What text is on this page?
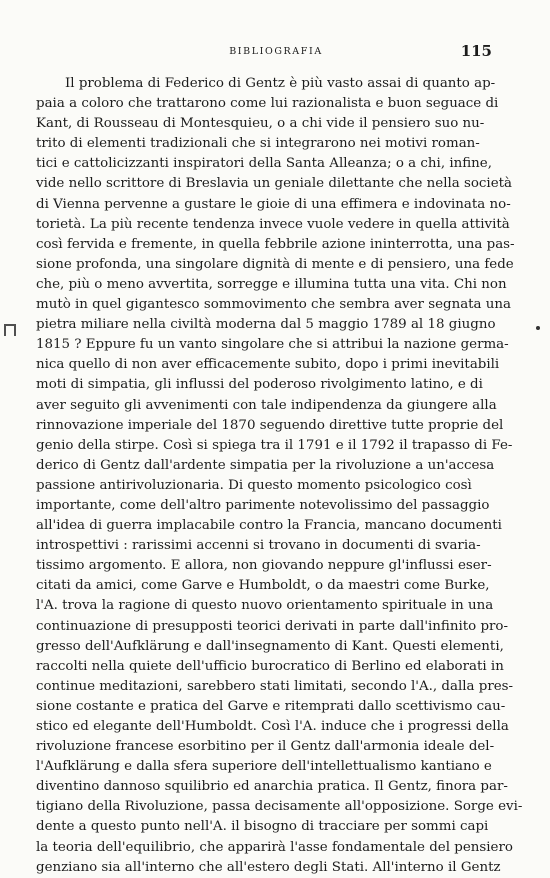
BIBLIOGRAFIA	115
Il problema di Federico di Gentz è più vasto assai di quanto ap-
paia a coloro che trattarono come lui razionalista e buon seguace di
Kant, di Rousseau di Montesquieu, o a chi vide il pensiero suo nu-
trito di elementi tradizionali che si integrarono nei motivi roman-
tici e cattolicizzanti inspiratori della Santa Alleanza; o a chi, infine,
vide nello scrittore di Breslavia un geniale dilettante che nella società
di Vienna pervenne a gustare le gioie di una effimera e indovinata no-
torietà. La più recente tendenza invece vuole vedere in quella attività
così fervida e fremente, in quella febbrile azione ininterrotta, una pas-
sione profonda, una singolare dignità di mente e di pensiero, una fede
che, più o meno avvertita, sorregge e illumina tutta una vita. Chi non
mutò in quel gigantesco sommovimento che sembra aver segnata una
pietra miliare nella civiltà moderna dal 5 maggio 1789 al 18 giugno
1815 ? Eppure fu un vanto singolare che si attribui la nazione germa-
nica quello di non aver efficacemente subito, dopo i primi inevitabili
moti di simpatia, gli influssi del poderoso rivolgimento latino, e di
aver seguito gli avvenimenti con tale indipendenza da giungere alla
rinnovazione imperiale del 1870 seguendo direttive tutte proprie del
genio della stirpe. Così si spiega tra il 1791 e il 1792 il trapasso di Fe-
derico di Gentz dall'ardente simpatia per la rivoluzione a un'accesa
passione antirivoluzionaria. Di questo momento psicologico così
importante, come dell'altro parimente notevolissimo del passaggio
all'idea di guerra implacabile contro la Francia, mancano documenti
introspettivi : rarissimi accenni si trovano in documenti di svaria-
tissimo argomento. E allora, non giovando neppure gl'influssi eser-
citati da amici, come Garve e Humboldt, o da maestri come Burke,
l'A. trova la ragione di questo nuovo orientamento spirituale in una
continuazione di presupposti teorici derivati in parte dall'infinito pro-
gresso dell'Aufklärung e dall'insegnamento di Kant. Questi elementi,
raccolti nella quiete dell'ufficio burocratico di Berlino ed elaborati in
continue meditazioni, sarebbero stati limitati, secondo l'A., dalla pres-
sione costante e pratica del Garve e ritemprati dallo scettivismo cau-
stico ed elegante dell'Humboldt. Così l'A. induce che i progressi della
rivoluzione francese esorbitino per il Gentz dall'armonia ideale del-
l'Aufklärung e dalla sfera superiore dell'intellettualismo kantiano e
diventino dannoso squilibrio ed anarchia pratica. Il Gentz, finora par-
tigiano della Rivoluzione, passa decisamente all'opposizione. Sorge evi-
dente a questo punto nell'A. il bisogno di tracciare per sommi capi
la teoria dell'equilibrio, che apparirà l'asse fondamentale del pensiero
genziano sia all'interno che all'estero degli Stati. All'interno il Gentz
